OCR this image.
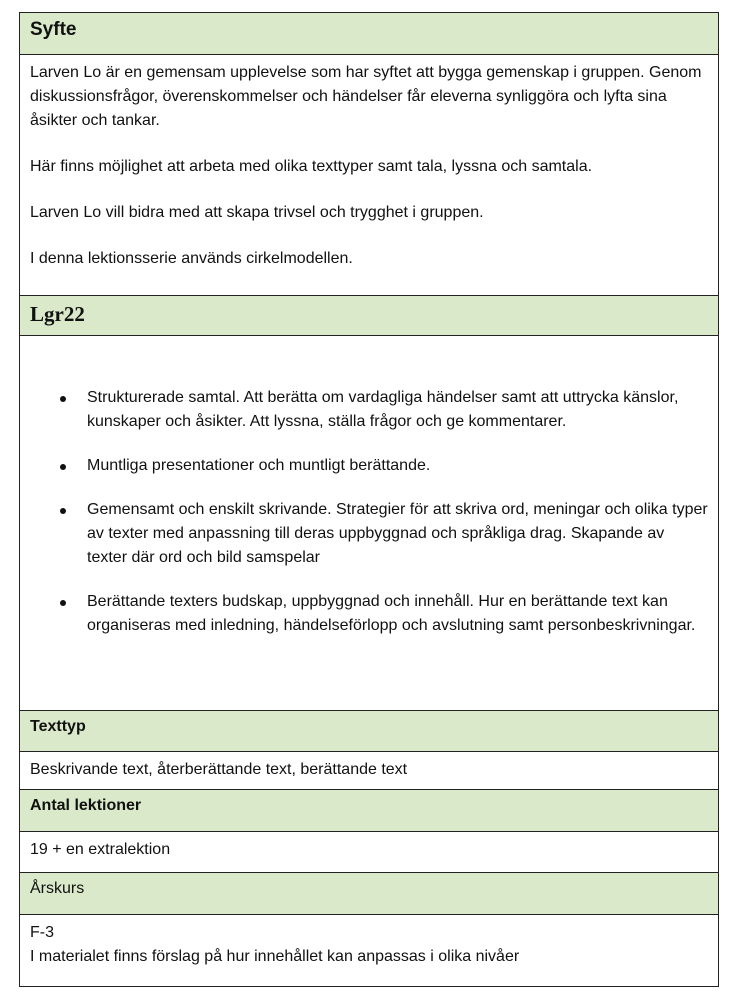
Syfte

Larven Lo är en gemensam upplevelse som har syftet att bygga gemenskap i gruppen. Genom diskussionsfrågor, överenskommelser och händelser får eleverna synliggöra och lyfta sina åsikter och tankar.

Här finns möjlighet att arbeta med olika texttyper samt tala, lyssna och samtala.

Larven Lo vill bidra med att skapa trivsel och trygghet i gruppen.

I denna lektionsserie används cirkelmodellen.

Lgr22
Strukturerade samtal. Att berätta om vardagliga händelser samt att uttrycka känslor, kunskaper och åsikter. Att lyssna, ställa frågor och ge kommentarer.
Muntliga presentationer och muntligt berättande.
Gemensamt och enskilt skrivande. Strategier för att skriva ord, meningar och olika typer av texter med anpassning till deras uppbyggnad och språkliga drag. Skapande av texter där ord och bild samspelar
Berättande texters budskap, uppbyggnad och innehåll. Hur en berättande text kan organiseras med inledning, händelseförlopp och avslutning samt personbeskrivningar.
Texttyp
Beskrivande text, återberättande text, berättande text
Antal lektioner
19 + en extralektion
Årskurs
F-3
I materialet finns förslag på hur innehållet kan anpassas i olika nivåer
